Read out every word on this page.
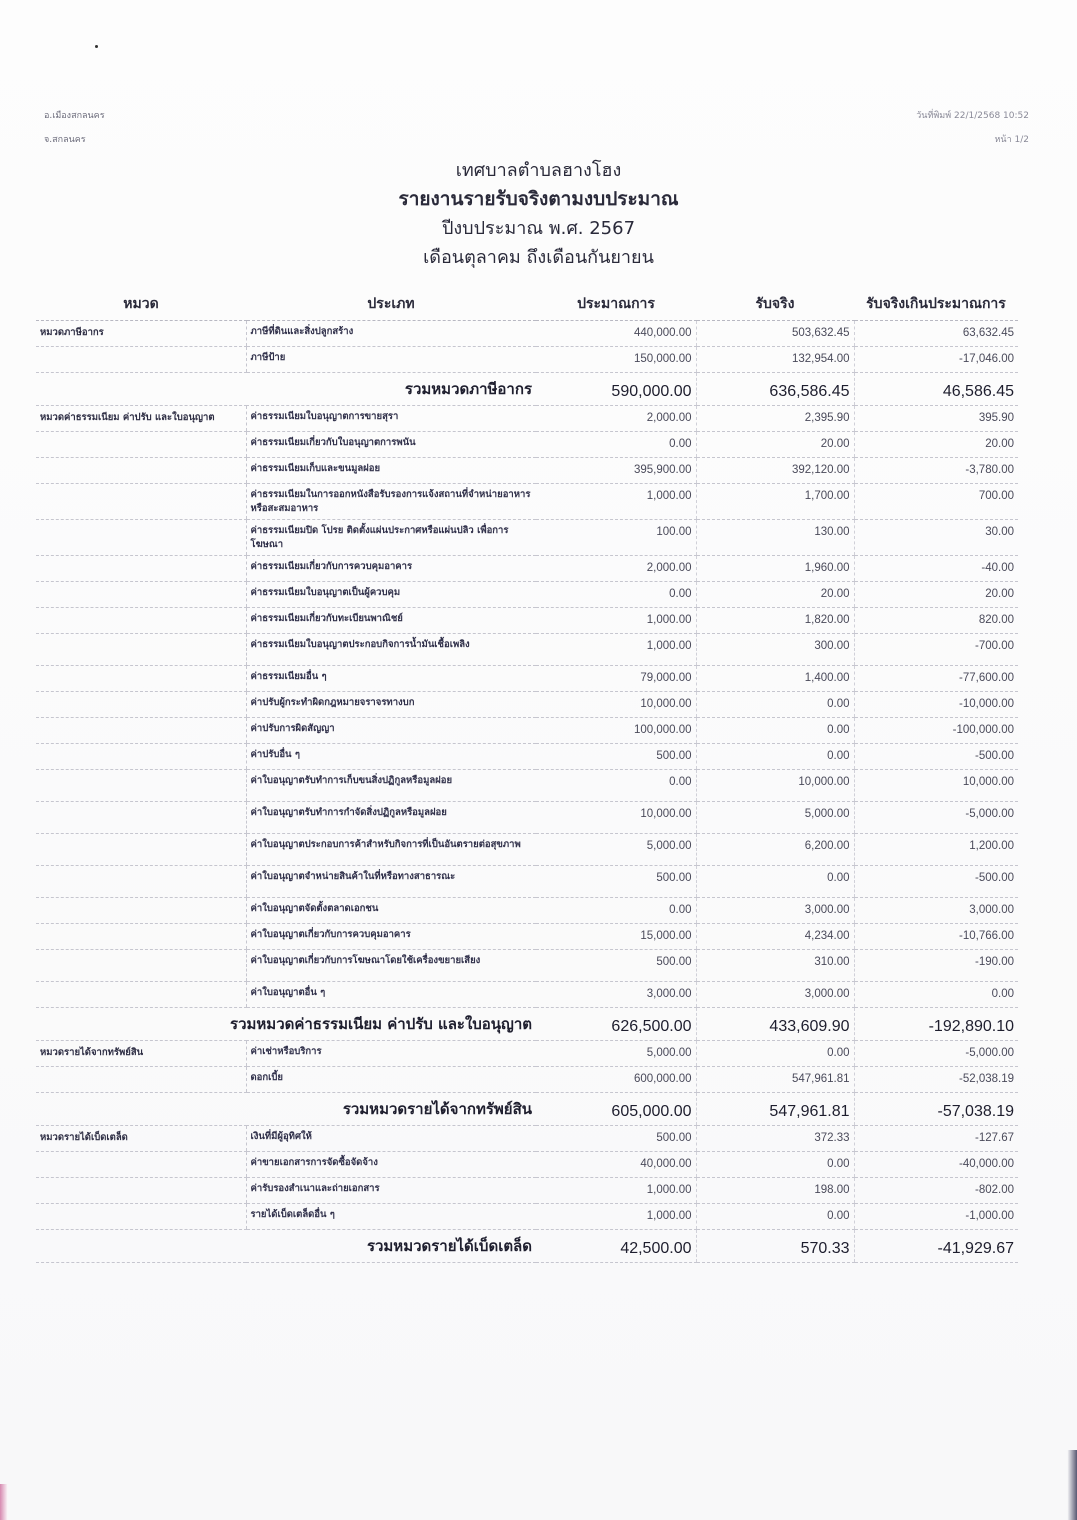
อ.เมืองสกลนคร
จ.สกลนคร
วันที่พิมพ์ 22/1/2568 10:52
หน้า 1/2
เทศบาลตำบลฮางโฮง
รายงานรายรับจริงตามงบประมาณ
ปีงบประมาณ พ.ศ. 2567
เดือนตุลาคม ถึงเดือนกันยายน
หมวด	ประเภท	ประมาณการ	รับจริง	รับจริงเกินประมาณการ
หมวดภาษีอากร	ภาษีที่ดินและสิ่งปลูกสร้าง	440,000.00	503,632.45	63,632.45
	ภาษีป้าย	150,000.00	132,954.00	-17,046.00
รวมหมวดภาษีอากร		590,000.00	636,586.45	46,586.45
หมวดค่าธรรมเนียม ค่าปรับ และใบอนุญาต	ค่าธรรมเนียมใบอนุญาตการขายสุรา	2,000.00	2,395.90	395.90
	ค่าธรรมเนียมเกี่ยวกับใบอนุญาตการพนัน	0.00	20.00	20.00
	ค่าธรรมเนียมเก็บและขนมูลฝอย	395,900.00	392,120.00	-3,780.00
	ค่าธรรมเนียมในการออกหนังสือรับรองการแจ้งสถานที่จำหน่ายอาหารหรือสะสมอาหาร	1,000.00	1,700.00	700.00
	ค่าธรรมเนียมปิด โปรย ติดตั้งแผ่นประกาศหรือแผ่นปลิว เพื่อการโฆษณา	100.00	130.00	30.00
	ค่าธรรมเนียมเกี่ยวกับการควบคุมอาคาร	2,000.00	1,960.00	-40.00
	ค่าธรรมเนียมใบอนุญาตเป็นผู้ควบคุม	0.00	20.00	20.00
	ค่าธรรมเนียมเกี่ยวกับทะเบียนพาณิชย์	1,000.00	1,820.00	820.00
	ค่าธรรมเนียมใบอนุญาตประกอบกิจการน้ำมันเชื้อเพลิง	1,000.00	300.00	-700.00
	ค่าธรรมเนียมอื่น ๆ	79,000.00	1,400.00	-77,600.00
	ค่าปรับผู้กระทำผิดกฎหมายจราจรทางบก	10,000.00	0.00	-10,000.00
	ค่าปรับการผิดสัญญา	100,000.00	0.00	-100,000.00
	ค่าปรับอื่น ๆ	500.00	0.00	-500.00
	ค่าใบอนุญาตรับทำการเก็บขนสิ่งปฏิกูลหรือมูลฝอย	0.00	10,000.00	10,000.00
	ค่าใบอนุญาตรับทำการกำจัดสิ่งปฏิกูลหรือมูลฝอย	10,000.00	5,000.00	-5,000.00
	ค่าใบอนุญาตประกอบการค้าสำหรับกิจการที่เป็นอันตรายต่อสุขภาพ	5,000.00	6,200.00	1,200.00
	ค่าใบอนุญาตจำหน่ายสินค้าในที่หรือทางสาธารณะ	500.00	0.00	-500.00
	ค่าใบอนุญาตจัดตั้งตลาดเอกชน	0.00	3,000.00	3,000.00
	ค่าใบอนุญาตเกี่ยวกับการควบคุมอาคาร	15,000.00	4,234.00	-10,766.00
	ค่าใบอนุญาตเกี่ยวกับการโฆษณาโดยใช้เครื่องขยายเสียง	500.00	310.00	-190.00
	ค่าใบอนุญาตอื่น ๆ	3,000.00	3,000.00	0.00
รวมหมวดค่าธรรมเนียม ค่าปรับ และใบอนุญาต		626,500.00	433,609.90	-192,890.10
หมวดรายได้จากทรัพย์สิน	ค่าเช่าหรือบริการ	5,000.00	0.00	-5,000.00
	ดอกเบี้ย	600,000.00	547,961.81	-52,038.19
รวมหมวดรายได้จากทรัพย์สิน		605,000.00	547,961.81	-57,038.19
หมวดรายได้เบ็ดเตล็ด	เงินที่มีผู้อุทิศให้	500.00	372.33	-127.67
	ค่าขายเอกสารการจัดซื้อจัดจ้าง	40,000.00	0.00	-40,000.00
	ค่ารับรองสำเนาและถ่ายเอกสาร	1,000.00	198.00	-802.00
	รายได้เบ็ดเตล็ดอื่น ๆ	1,000.00	0.00	-1,000.00
รวมหมวดรายได้เบ็ดเตล็ด		42,500.00	570.33	-41,929.67
